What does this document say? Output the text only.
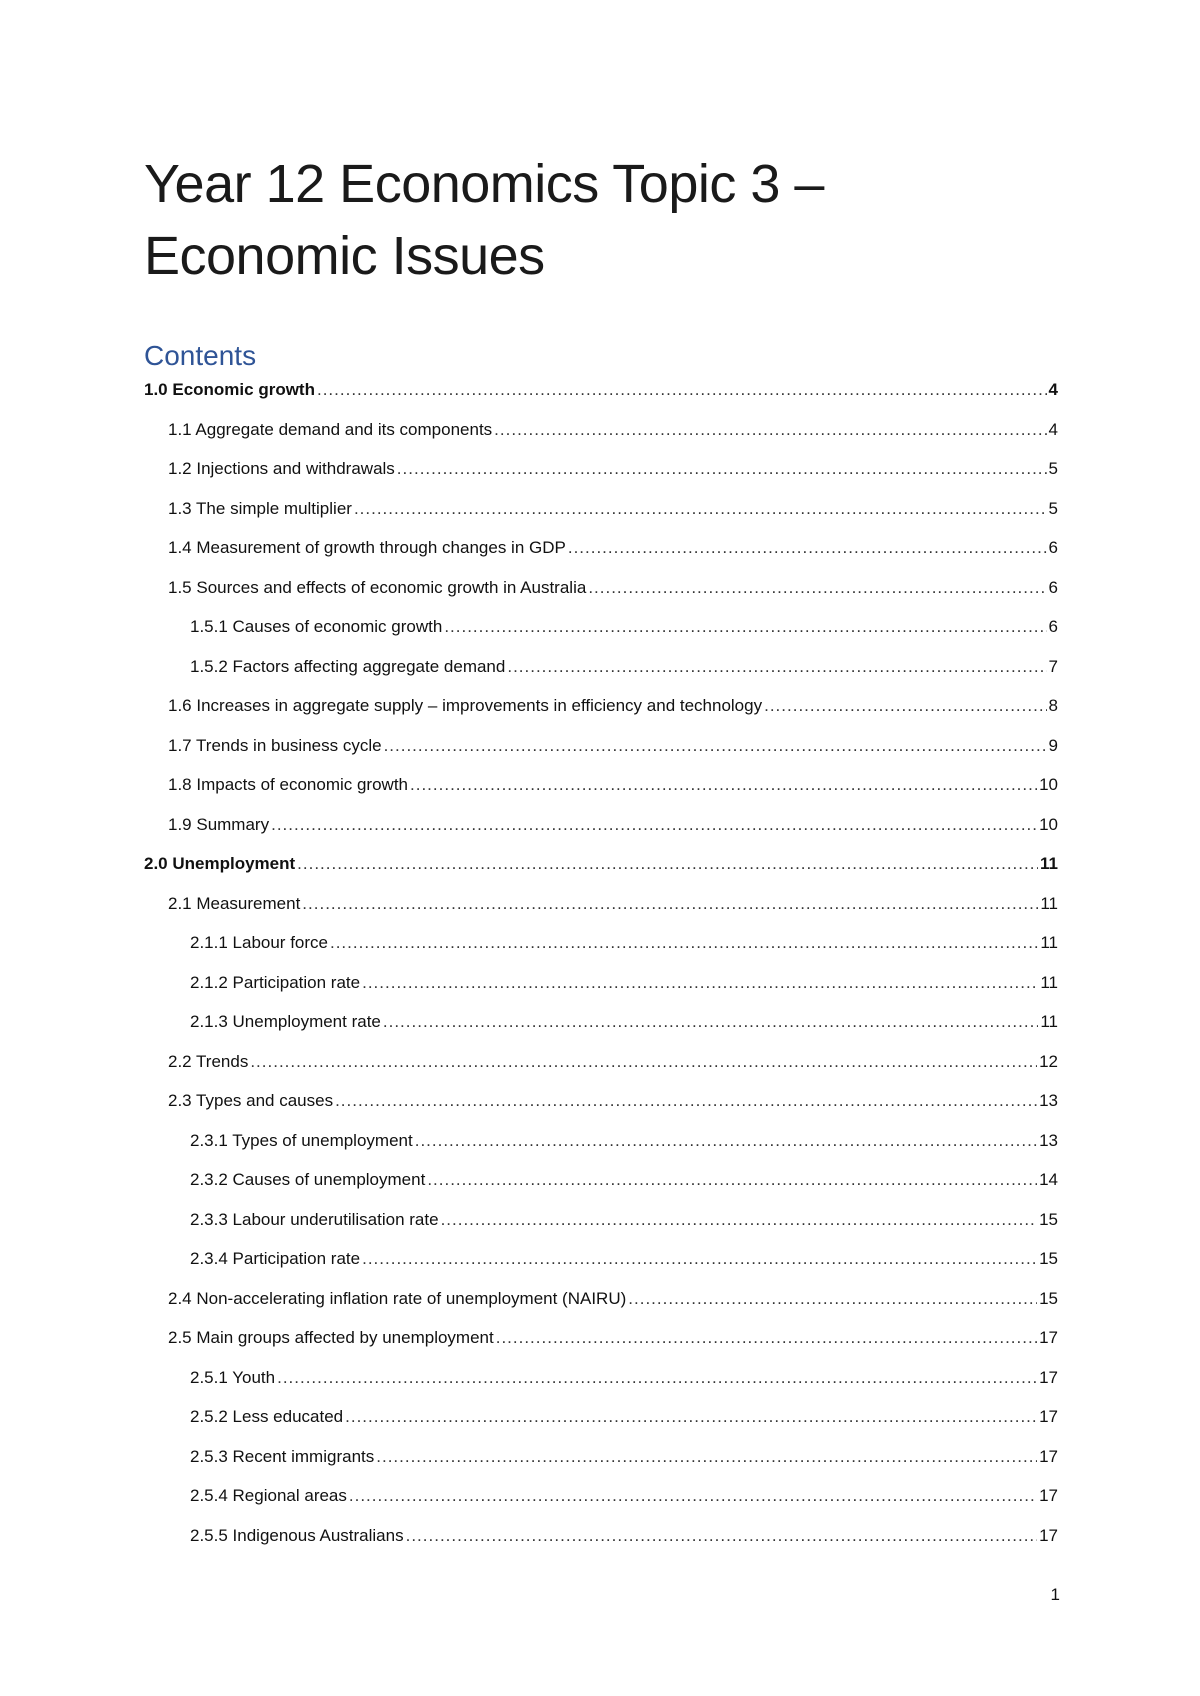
Year 12 Economics Topic 3 – Economic Issues
Contents
1.0 Economic growth .....	4
1.1 Aggregate demand and its components .....	4
1.2 Injections and withdrawals .....	5
1.3 The simple multiplier .....	5
1.4 Measurement of growth through changes in GDP .....	6
1.5 Sources and effects of economic growth in Australia .....	6
1.5.1 Causes of economic growth .....	6
1.5.2 Factors affecting aggregate demand .....	7
1.6 Increases in aggregate supply – improvements in efficiency and technology .....	8
1.7 Trends in business cycle .....	9
1.8 Impacts of economic growth .....	10
1.9 Summary .....	10
2.0 Unemployment .....	11
2.1 Measurement .....	11
2.1.1 Labour force .....	11
2.1.2 Participation rate .....	11
2.1.3 Unemployment rate .....	11
2.2 Trends .....	12
2.3 Types and causes .....	13
2.3.1 Types of unemployment .....	13
2.3.2 Causes of unemployment .....	14
2.3.3 Labour underutilisation rate .....	15
2.3.4 Participation rate .....	15
2.4 Non-accelerating inflation rate of unemployment (NAIRU) .....	15
2.5 Main groups affected by unemployment .....	17
2.5.1 Youth .....	17
2.5.2 Less educated .....	17
2.5.3 Recent immigrants .....	17
2.5.4 Regional areas .....	17
2.5.5 Indigenous Australians .....	17
1
